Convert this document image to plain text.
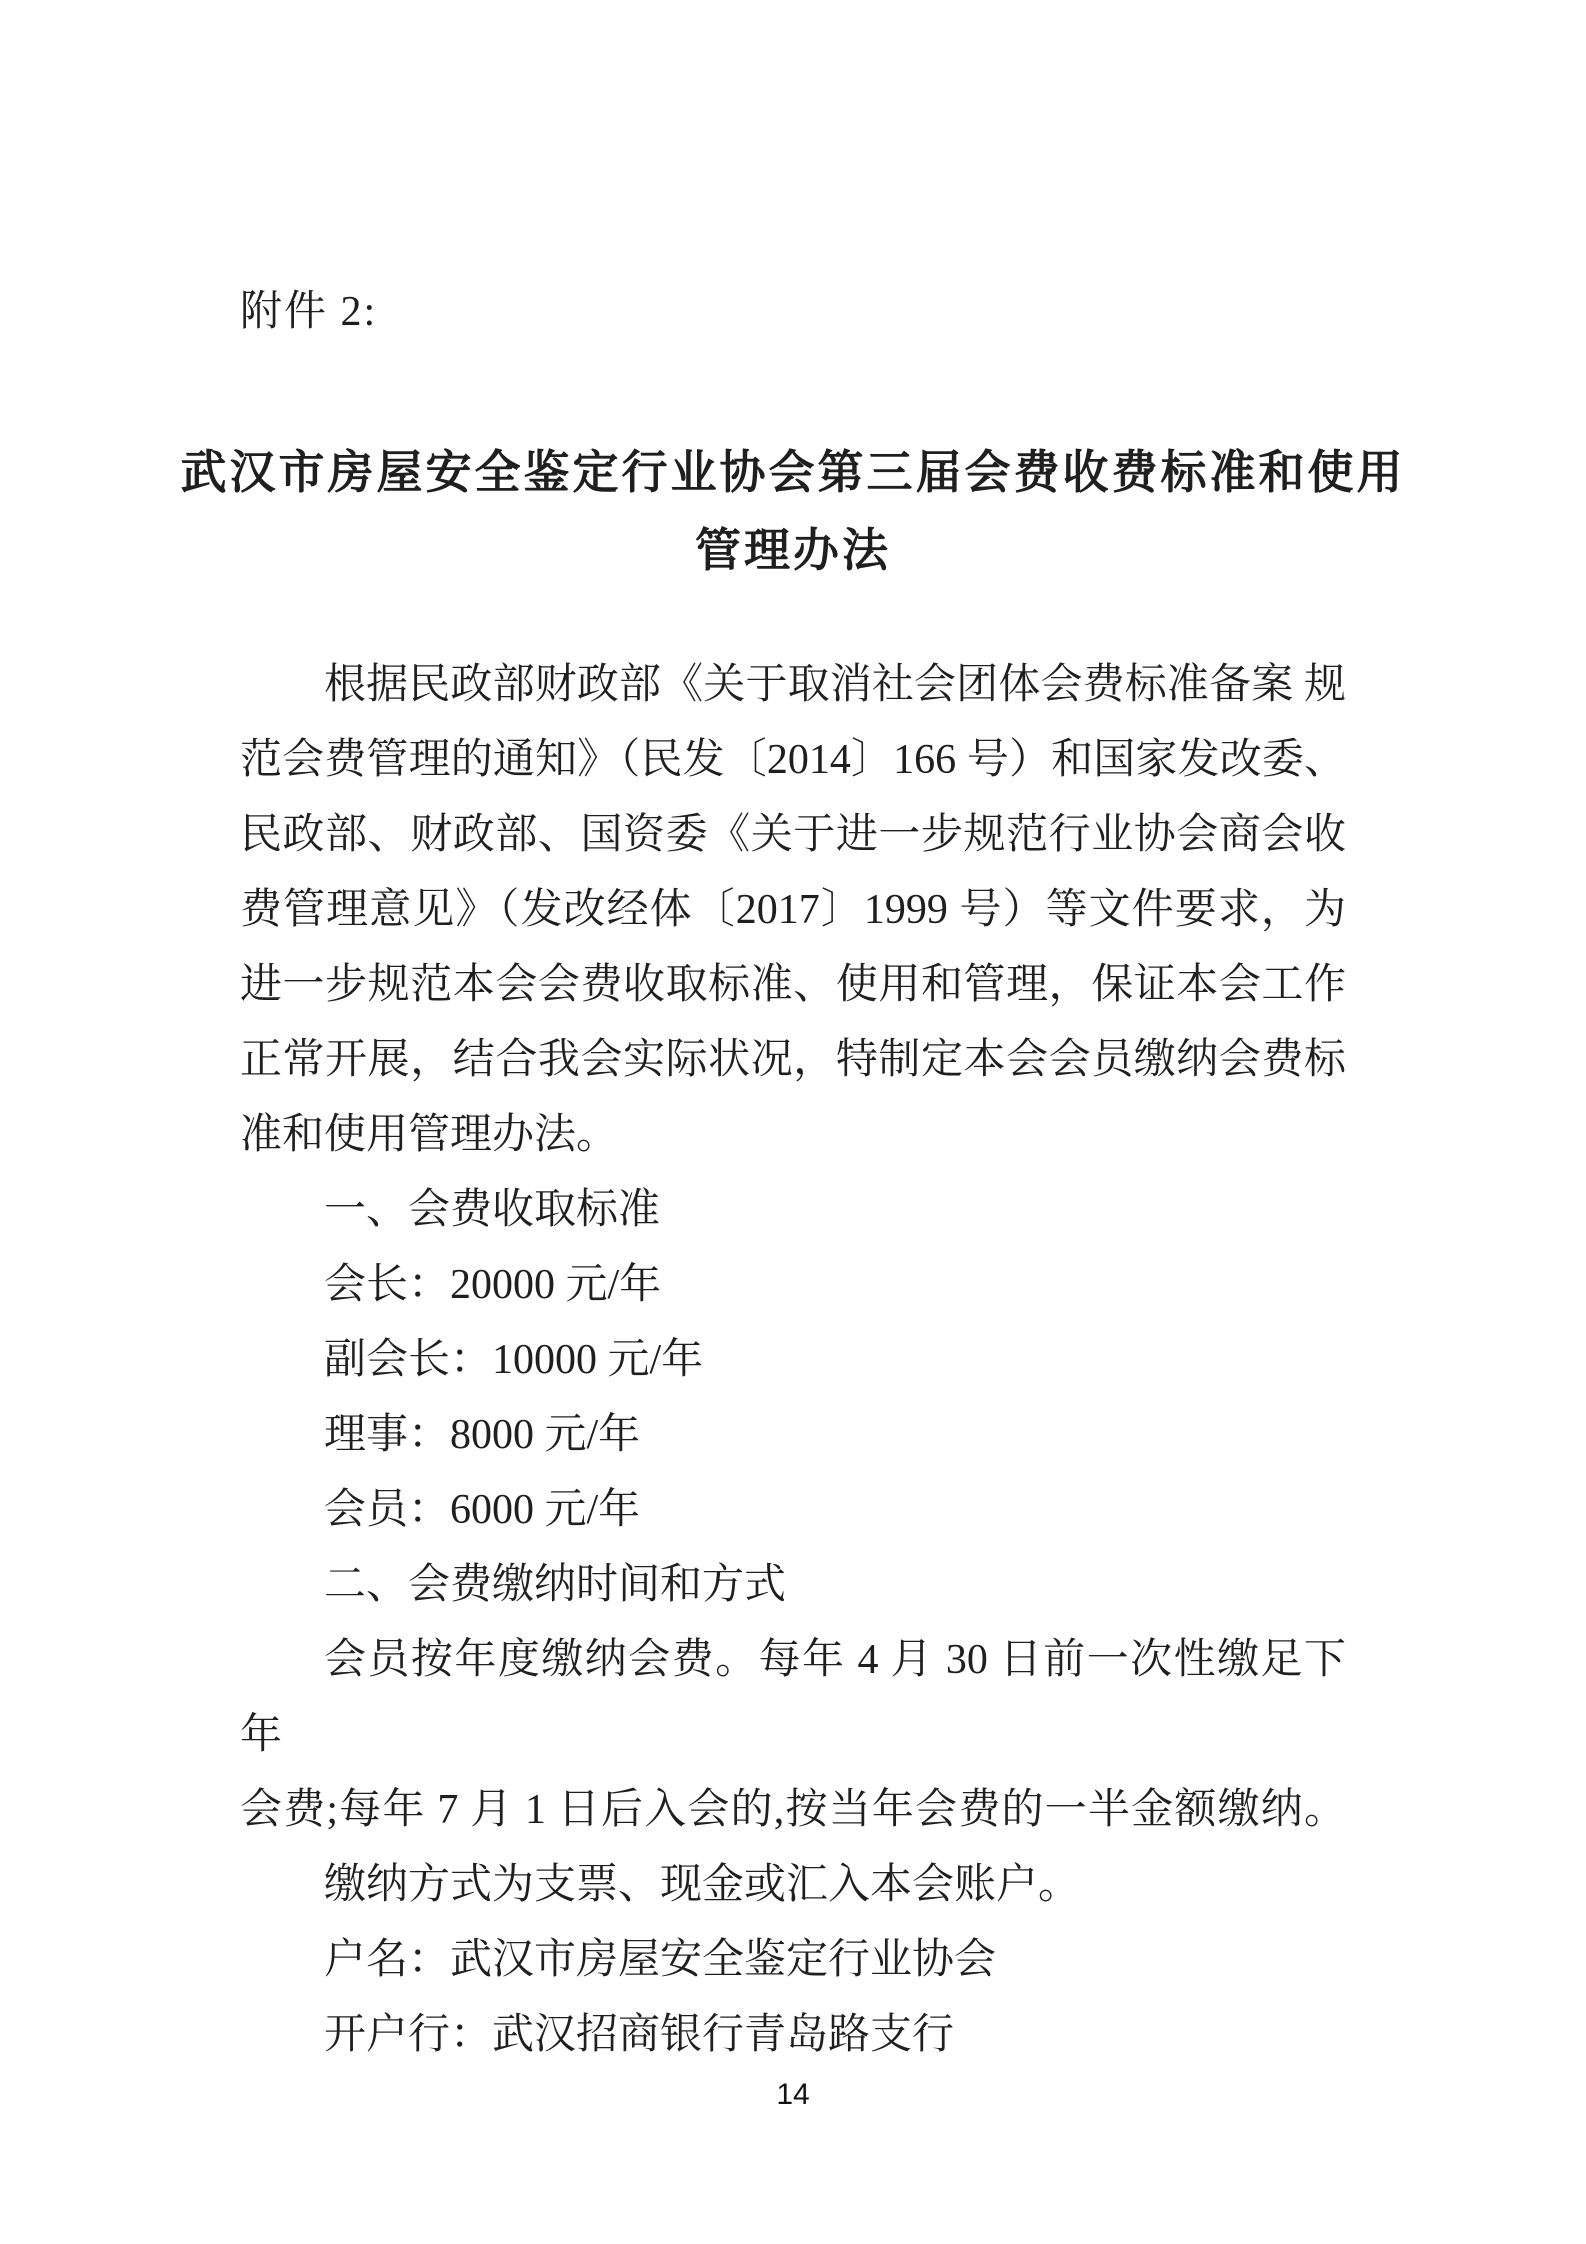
附件 2:
武汉市房屋安全鉴定行业协会第三届会费收费标准和使用
管理办法
根据民政部财政部《关于取消社会团体会费标准备案 规
范会费管理的通知》（民发〔2014〕166 号）和国家发改委、
民政部、财政部、国资委《关于进一步规范行业协会商会收
费管理意见》（发改经体〔2017〕1999 号）等文件要求，为
进一步规范本会会费收取标准、使用和管理，保证本会工作
正常开展，结合我会实际状况，特制定本会会员缴纳会费标
准和使用管理办法。
一、会费收取标准
会长：20000 元/年
副会长：10000 元/年
理事：8000 元/年
会员：6000 元/年
二、会费缴纳时间和方式
会员按年度缴纳会费。每年 4 月 30 日前一次性缴足下年
会费;每年 7 月 1 日后入会的,按当年会费的一半金额缴纳。
缴纳方式为支票、现金或汇入本会账户。
户名：武汉市房屋安全鉴定行业协会
开户行：武汉招商银行青岛路支行
14
